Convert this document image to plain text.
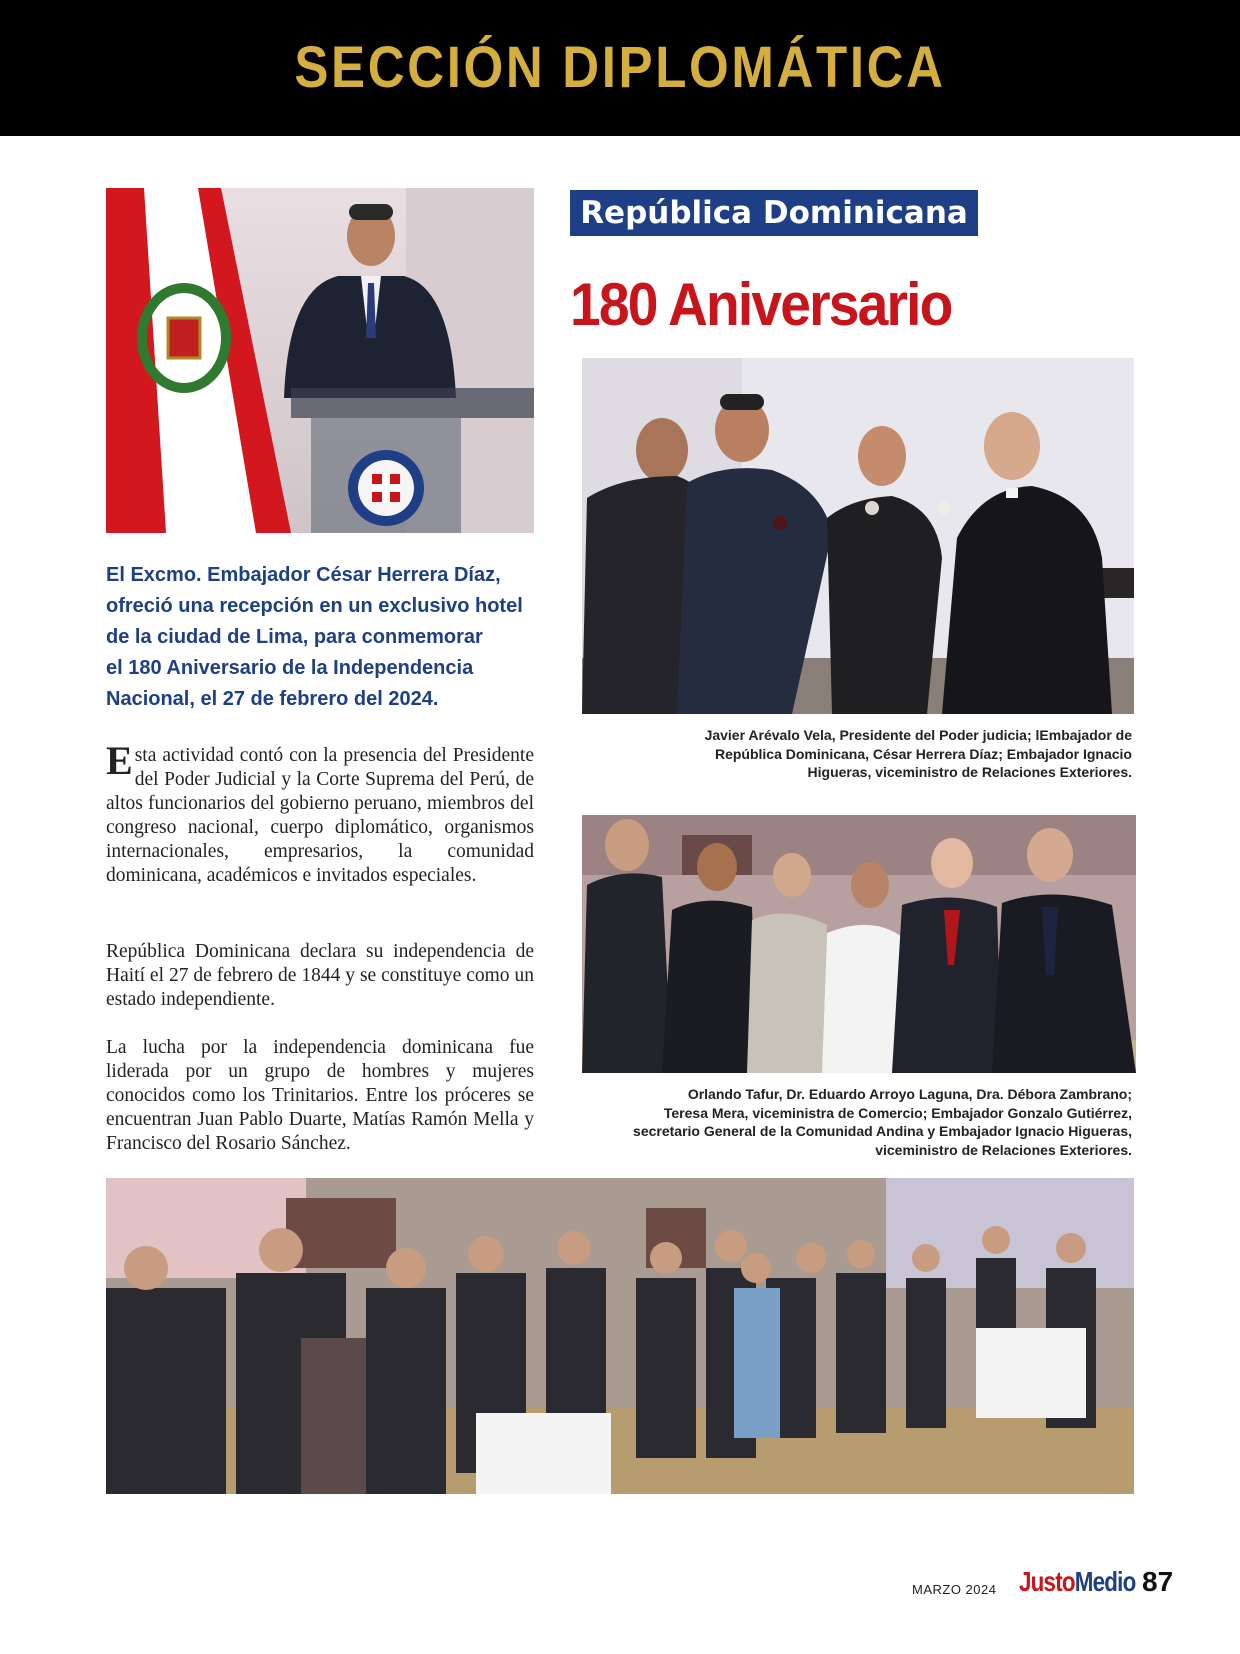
SECCIÓN DIPLOMÁTICA
República Dominicana
180 Aniversario
Javier Arévalo Vela, Presidente del Poder judicia; lEmbajador de
República Dominicana, César Herrera Díaz; Embajador Ignacio
Higueras, viceministro de Relaciones Exteriores.
El Excmo. Embajador César Herrera Díaz,
ofreció una recepción en un exclusivo hotel
de la ciudad de Lima, para conmemorar
el 180 Aniversario de la Independencia
Nacional, el 27 de febrero del 2024.
Esta actividad contó con la presencia del Presidente del Poder Judicial y la Corte Suprema del Perú, de altos funcionarios del gobierno peruano, miembros del congreso nacional, cuerpo diplomático, organismos internacionales, empresarios, la comunidad dominicana, académicos e invitados especiales.
República Dominicana declara su independencia de Haití el 27 de febrero de 1844 y se constituye como un estado independiente.
La lucha por la independencia dominicana fue liderada por un grupo de hombres y mujeres conocidos como los Trinitarios. Entre los próceres se encuentran Juan Pablo Duarte, Matías Ramón Mella y Francisco del Rosario Sánchez.
Orlando Tafur, Dr. Eduardo Arroyo Laguna, Dra. Débora Zambrano;
Teresa Mera, viceministra de Comercio; Embajador Gonzalo Gutiérrez,
secretario General de la Comunidad Andina y Embajador Ignacio Higueras,
viceministro de Relaciones Exteriores.
MARZO 2024 JustoMedio 87
